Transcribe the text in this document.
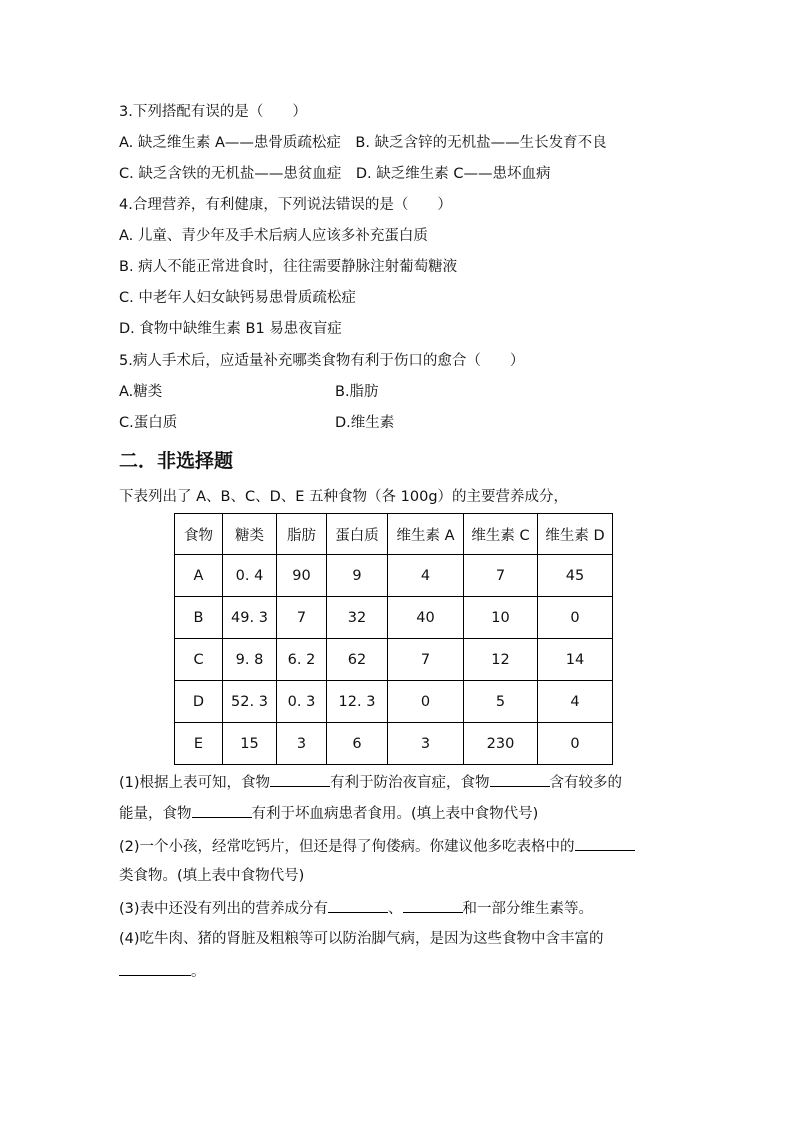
3.下列搭配有误的是（　　）
A. 缺乏维生素 A——患骨质疏松症　B. 缺乏含锌的无机盐——生长发育不良
C. 缺乏含铁的无机盐——患贫血症　D. 缺乏维生素 C——患坏血病
4.合理营养，有利健康，下列说法错误的是（　　）
A. 儿童、青少年及手术后病人应该多补充蛋白质
B. 病人不能正常进食时，往往需要静脉注射葡萄糖液
C. 中老年人妇女缺钙易患骨质疏松症
D. 食物中缺维生素 B1 易患夜盲症
5.病人手术后，应适量补充哪类食物有利于伤口的愈合（　　）
A.糖类	B.脂肪
C.蛋白质	D.维生素
二．非选择题
下表列出了 A、B、C、D、E 五种食物（各 100g）的主要营养成分，
食物	糖类	脂肪	蛋白质	维生素 A	维生素 C	维生素 D
A	0. 4	90	9	4	7	45
B	49. 3	7	32	40	10	0
C	9. 8	6. 2	62	7	12	14
D	52. 3	0. 3	12. 3	0	5	4
E	15	3	6	3	230	0
(1)根据上表可知，食物	有利于防治夜盲症，食物	含有较多的
能量，食物	有利于坏血病患者食用。(填上表中食物代号)
(2)一个小孩，经常吃钙片，但还是得了佝偻病。你建议他多吃表格中的
类食物。(填上表中食物代号)
(3)表中还没有列出的营养成分有	、	和一部分维生素等。
(4)吃牛肉、猪的肾脏及粗粮等可以防治脚气病，是因为这些食物中含丰富的
。
